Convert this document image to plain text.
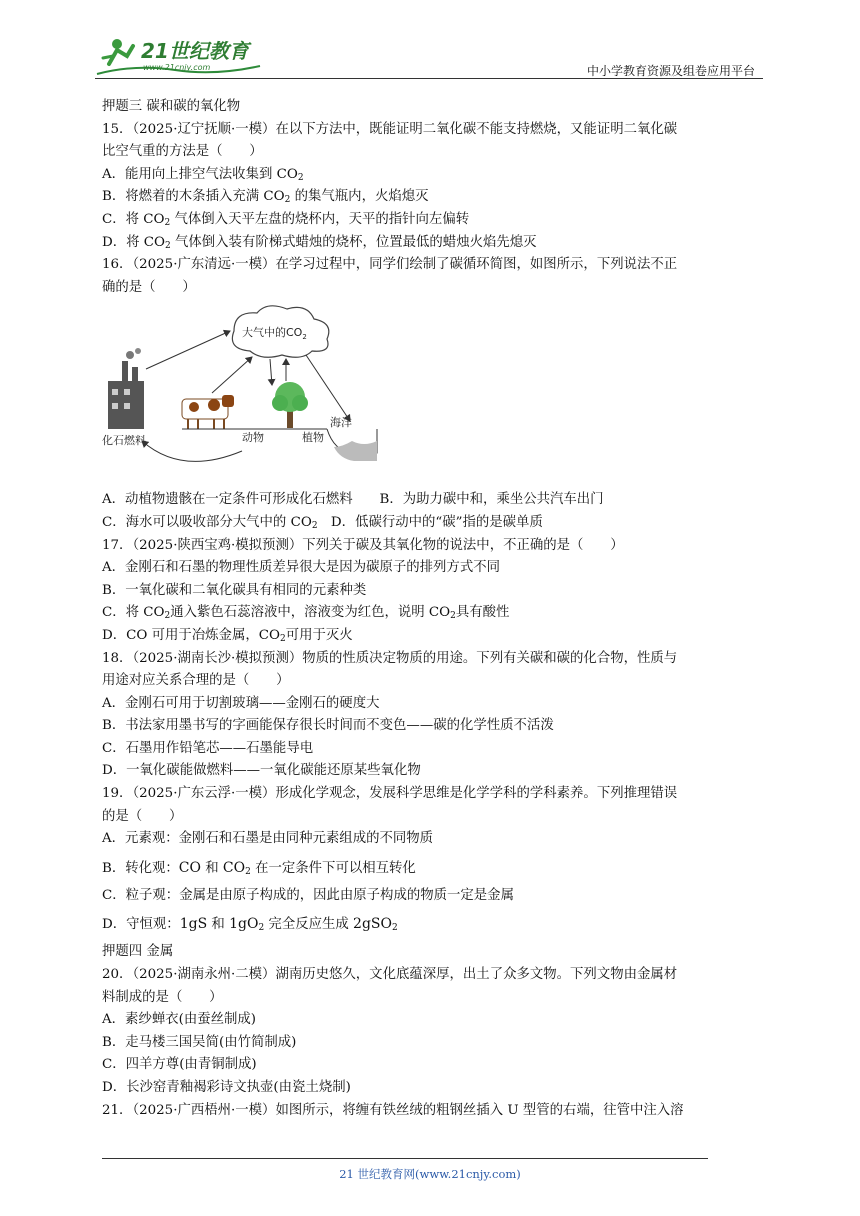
21世纪教育
www.21cnjy.com	中小学教育资源及组卷应用平台
押题三 碳和碳的氧化物
15．（2025·辽宁抚顺·一模）在以下方法中，既能证明二氧化碳不能支持燃烧，又能证明二氧化碳
比空气重的方法是（　　）
A．能用向上排空气法收集到 $CO_2$
B．将燃着的木条插入充满 $CO_2$ 的集气瓶内，火焰熄灭
C．将 $CO_2$ 气体倒入天平左盘的烧杯内，天平的指针向左偏转
D．将 $CO_2$ 气体倒入装有阶梯式蜡烛的烧杯，位置最低的蜡烛火焰先熄灭
16．（2025·广东清远·一模）在学习过程中，同学们绘制了碳循环简图，如图所示，下列说法不正
确的是（　　）
大气中的$CO_2$
化石燃料	动物	植物
海洋
A．动植物遗骸在一定条件可形成化石燃料　　B．为助力碳中和，乘坐公共汽车出门
C．海水可以吸收部分大气中的 $CO_2$　D．低碳行动中的“碳”指的是碳单质
17．（2025·陕西宝鸡·模拟预测）下列关于碳及其氧化物的说法中，不正确的是（　　）
A．金刚石和石墨的物理性质差异很大是因为碳原子的排列方式不同
B．一氧化碳和二氧化碳具有相同的元素种类
C．将 $CO_2$通入紫色石蕊溶液中，溶液变为红色，说明 $CO_2$具有酸性
D．CO 可用于冶炼金属，$CO_2$可用于灭火
18．（2025·湖南长沙·模拟预测）物质的性质决定物质的用途。下列有关碳和碳的化合物，性质与
用途对应关系合理的是（　　）
A．金刚石可用于切割玻璃——金刚石的硬度大
B．书法家用墨书写的字画能保存很长时间而不变色——碳的化学性质不活泼
C．石墨用作铅笔芯——石墨能导电
D．一氧化碳能做燃料——一氧化碳能还原某些氧化物
19．（2025·广东云浮·一模）形成化学观念，发展科学思维是化学学科的学科素养。下列推理错误
的是（　　）
A．元素观：金刚石和石墨是由同种元素组成的不同物质
B．转化观：CO 和 $CO_2$ 在一定条件下可以相互转化
C．粒子观：金属是由原子构成的，因此由原子构成的物质一定是金属
D．守恒观：1gS 和 $1gO_2$ 完全反应生成 2gSO$_2$
押题四 金属
20．（2025·湖南永州·二模）湖南历史悠久，文化底蕴深厚，出土了众多文物。下列文物由金属材
料制成的是（　　）
A．素纱蝉衣(由蚕丝制成)
B．走马楼三国吴简(由竹简制成)
C．四羊方尊(由青铜制成)
D．长沙窑青釉褐彩诗文执壶(由瓷土烧制)
21．（2025·广西梧州·一模）如图所示，将缠有铁丝绒的粗钢丝插入 U 型管的右端，往管中注入溶
21 世纪教育网(www.21cnjy.com)
